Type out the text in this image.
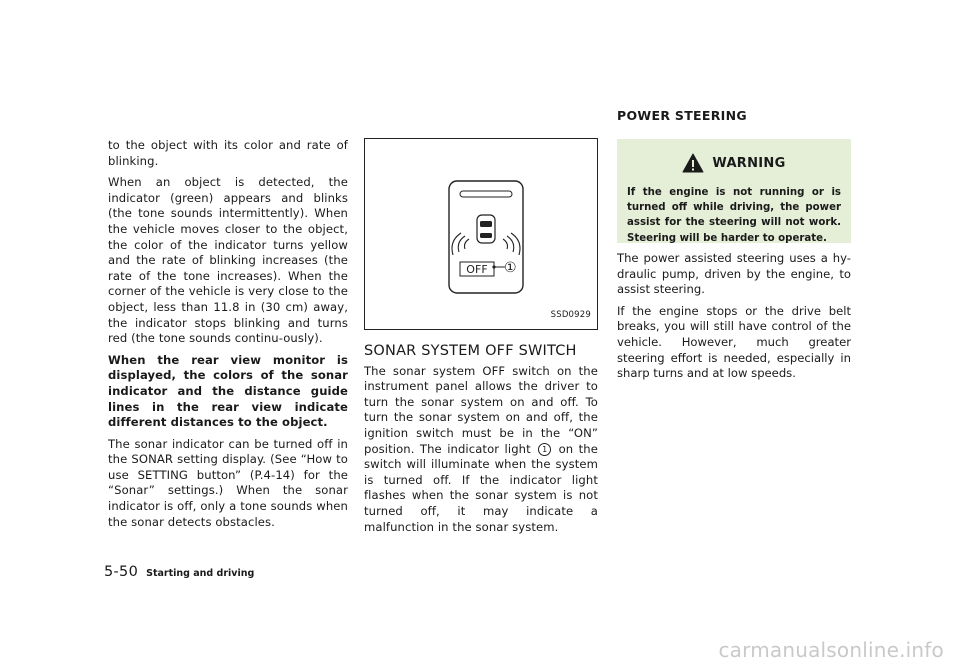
to the object with its color and rate of blinking.

When an object is detected, the indicator (green) appears and blinks (the tone sounds intermittently). When the vehicle moves closer to the object, the color of the indicator turns yellow and the rate of blinking increases (the rate of the tone increases). When the corner of the vehicle is very close to the object, less than 11.8 in (30 cm) away, the indicator stops blinking and turns red (the tone sounds continu-ously).

When the rear view monitor is displayed, the colors of the sonar indicator and the distance guide lines in the rear view indicate different distances to the object.

The sonar indicator can be turned off in the SONAR setting display. (See “How to use SETTING button” (P.4-14) for the “Sonar” settings.) When the sonar indicator is off, only a tone sounds when the sonar detects obstacles.

OFF ①
SSD0929
SONAR SYSTEM OFF SWITCH

The sonar system OFF switch on the instrument panel allows the driver to turn the sonar system on and off. To turn the sonar system on and off, the ignition switch must be in the “ON” position. The indicator light 1 on the switch will illuminate when the system is turned off. If the indicator light flashes when the sonar system is not turned off, it may indicate a malfunction in the sonar system.

POWER STEERING
WARNING
If the engine is not running or is turned off while driving, the power assist for the steering will not work. Steering will be harder to operate.

The power assisted steering uses a hy-draulic pump, driven by the engine, to assist steering.

If the engine stops or the drive belt breaks, you will still have control of the vehicle. However, much greater steering effort is needed, especially in sharp turns and at low speeds.

5-50 Starting and driving
carmanualsonline.info
